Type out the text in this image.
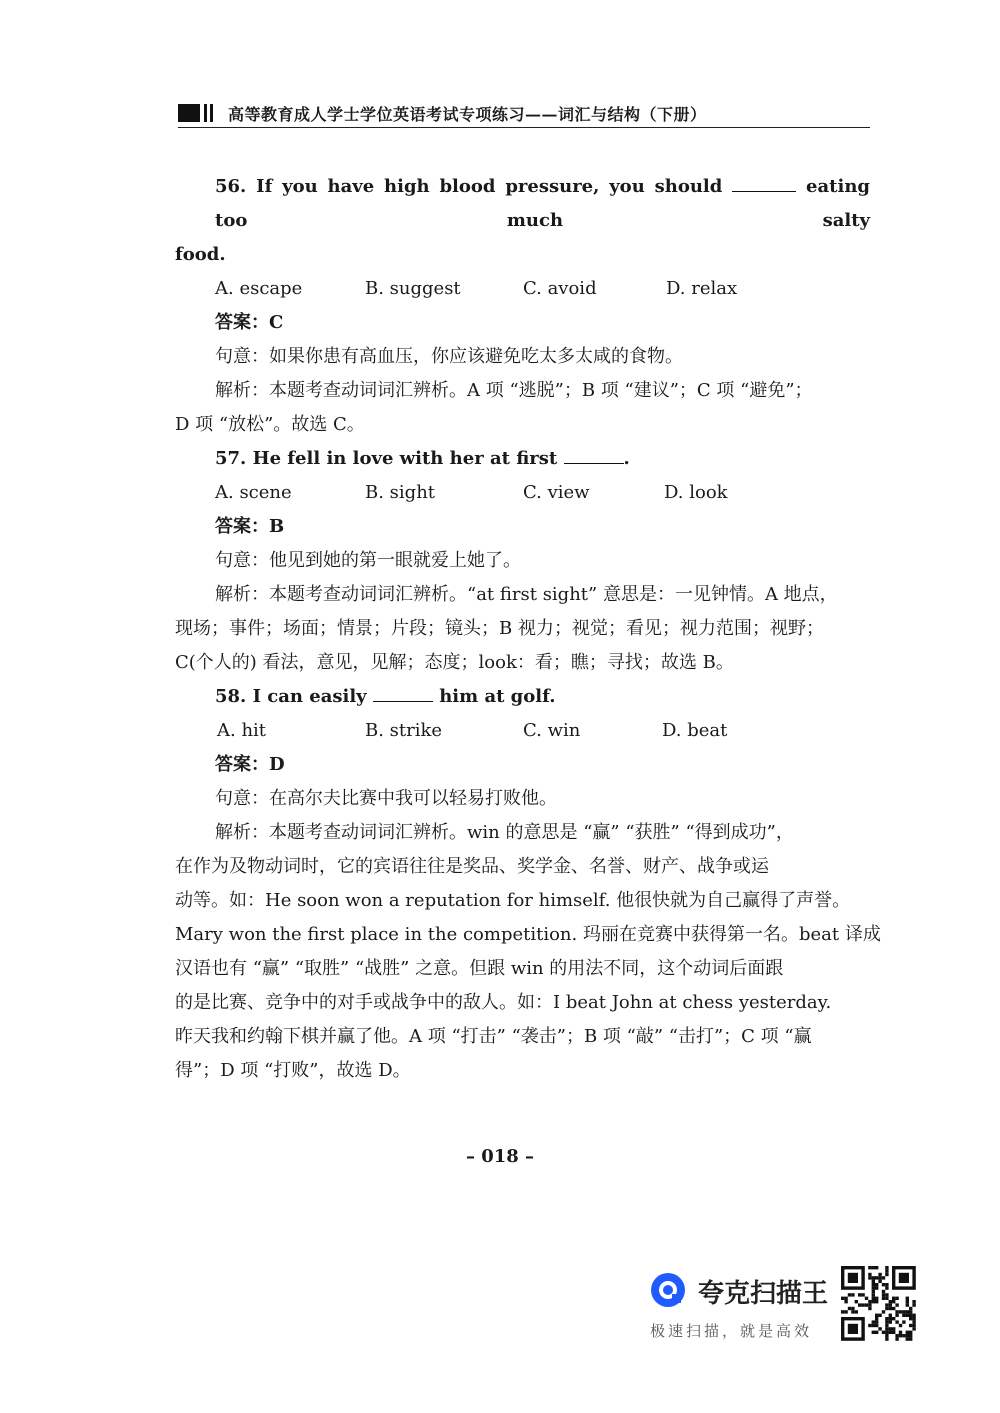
高等教育成人学士学位英语考试专项练习——词汇与结构（下册）
56. If you have high blood pressure, you should	eating too much salty
food.
A. escape	B. suggest	C. avoid	D. relax
答案：C
句意：如果你患有高血压，你应该避免吃太多太咸的食物。
解析：本题考查动词词汇辨析。A 项 “逃脱”；B 项 “建议”；C 项 “避免”；
D 项 “放松”。故选 C。
57. He fell in love with her at first	.
A. scene	B. sight	C. view	D. look
答案：B
句意：他见到她的第一眼就爱上她了。
解析：本题考查动词词汇辨析。“at first sight” 意思是：一见钟情。A 地点，
现场；事件；场面；情景；片段；镜头；B 视力；视觉；看见；视力范围；视野；
C(个人的) 看法，意见，见解；态度；look：看；瞧；寻找；故选 B。
58. I can easily	him at golf.
A. hit	B. strike	C. win	D. beat
答案：D
句意：在高尔夫比赛中我可以轻易打败他。
解析：本题考查动词词汇辨析。win 的意思是 “赢” “获胜” “得到成功”，
在作为及物动词时，它的宾语往往是奖品、奖学金、名誉、财产、战争或运
动等。如：He soon won a reputation for himself. 他很快就为自己赢得了声誉。
Mary won the first place in the competition. 玛丽在竞赛中获得第一名。beat 译成
汉语也有 “赢” “取胜” “战胜” 之意。但跟 win 的用法不同，这个动词后面跟
的是比赛、竞争中的对手或战争中的敌人。如：I beat John at chess yesterday.
昨天我和约翰下棋并赢了他。A 项 “打击” “袭击”；B 项 “敲” “击打”；C 项 “赢
得”；D 项 “打败”，故选 D。
– 018 –
夸克扫描王
极速扫描，就是高效
